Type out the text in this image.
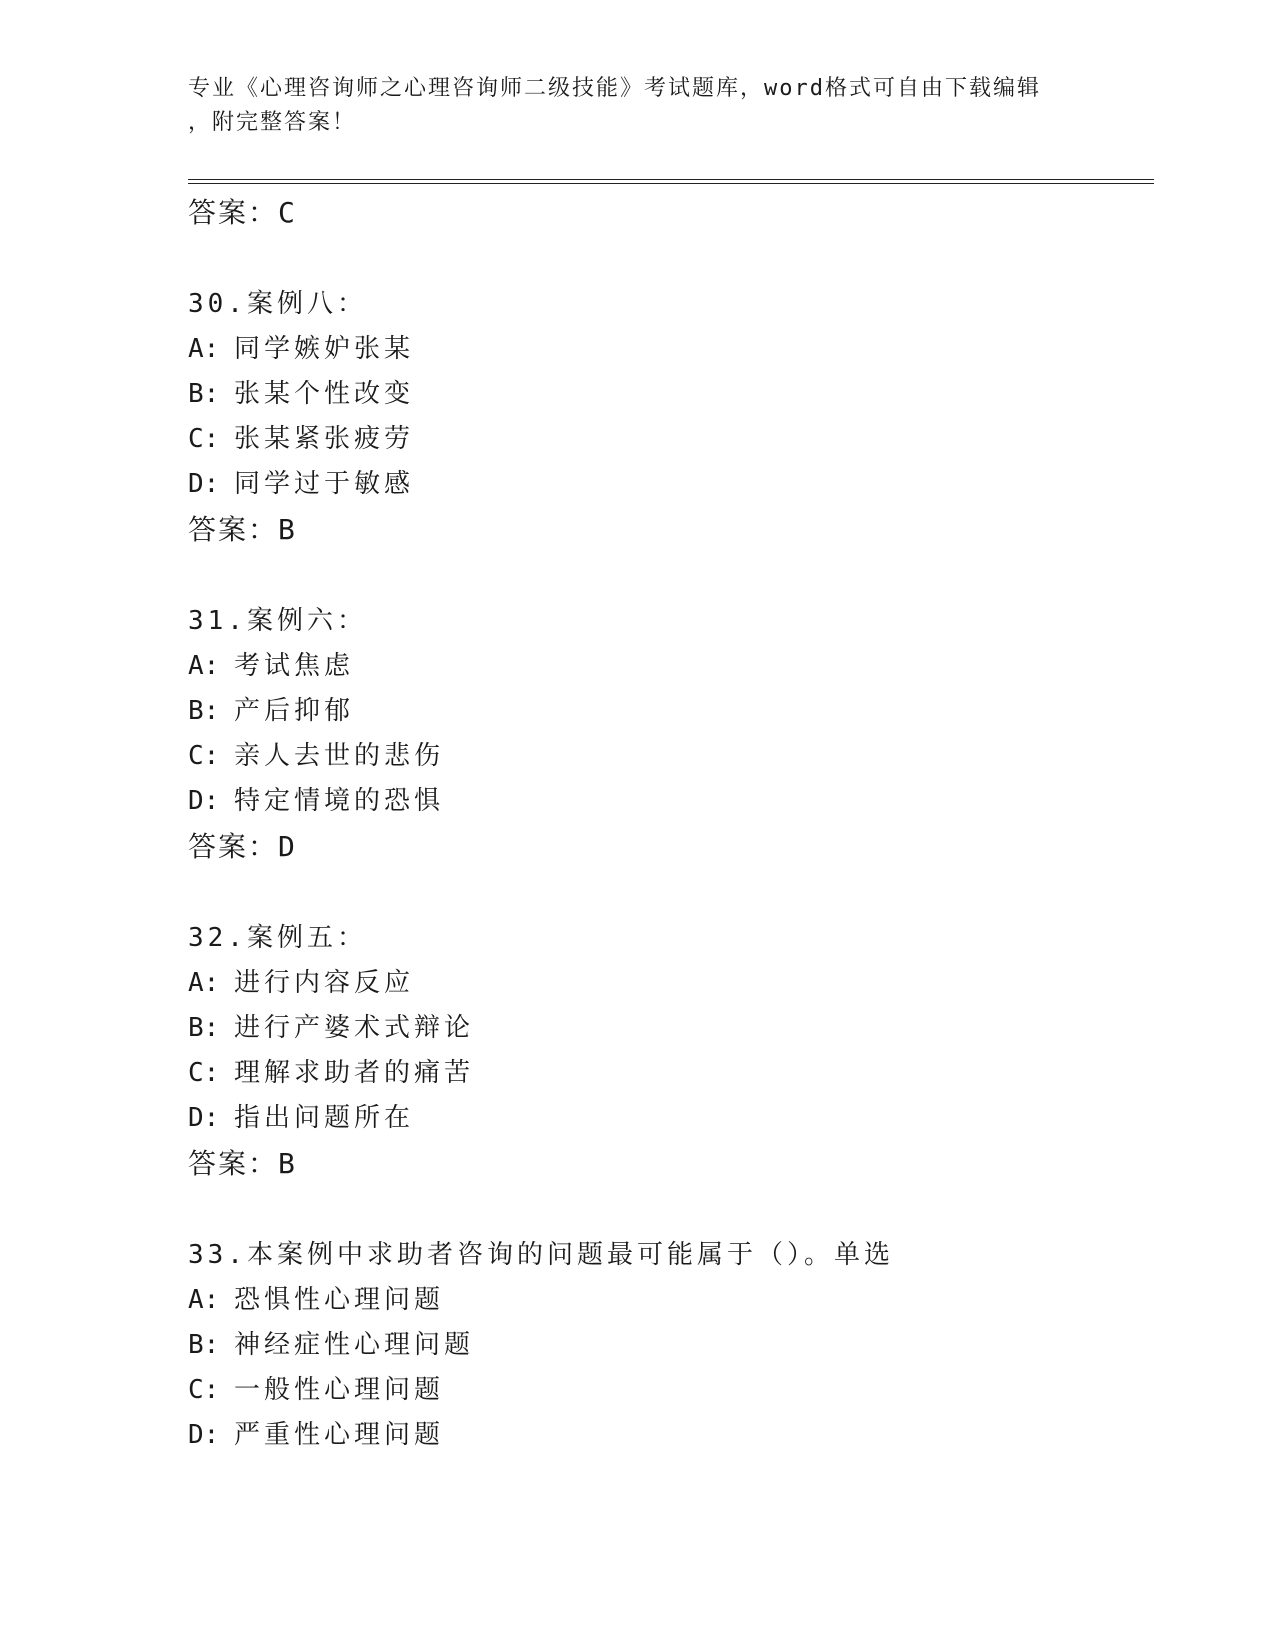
专业《心理咨询师之心理咨询师二级技能》考试题库，word格式可自由下载编辑
，附完整答案！
答案：C
30.案例八：
A: 同学嫉妒张某
B: 张某个性改变
C: 张某紧张疲劳
D: 同学过于敏感
答案：B
31.案例六：
A: 考试焦虑
B: 产后抑郁
C: 亲人去世的悲伤
D: 特定情境的恐惧
答案：D
32.案例五：
A: 进行内容反应
B: 进行产婆术式辩论
C: 理解求助者的痛苦
D: 指出问题所在
答案：B
33.本案例中求助者咨询的问题最可能属于（）。单选
A: 恐惧性心理问题
B: 神经症性心理问题
C: 一般性心理问题
D: 严重性心理问题
